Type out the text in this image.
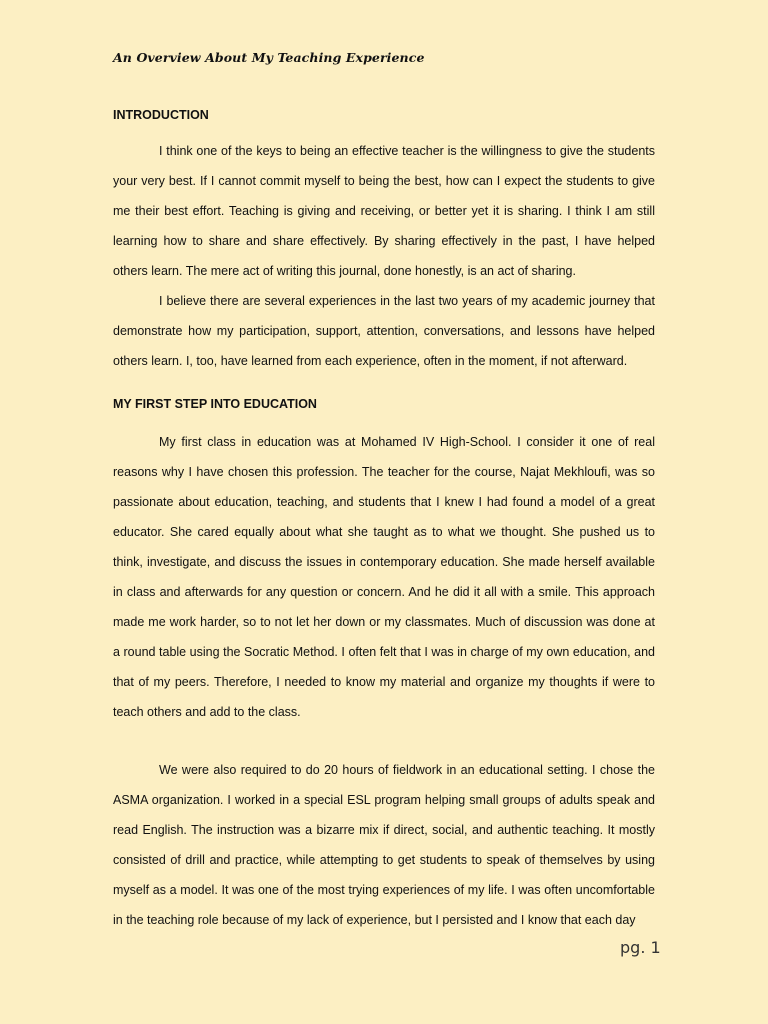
An Overview About My Teaching Experience
INTRODUCTION

I think one of the keys to being an effective teacher is the willingness to give the students your very best. If I cannot commit myself to being the best, how can I expect the students to give me their best effort. Teaching is giving and receiving, or better yet it is sharing. I think I am still learning how to share and share effectively. By sharing effectively in the past, I have helped others learn. The mere act of writing this journal, done honestly, is an act of sharing.

I believe there are several experiences in the last two years of my academic journey that demonstrate how my participation, support, attention, conversations, and lessons have helped others learn. I, too, have learned from each experience, often in the moment, if not afterward.

MY FIRST STEP INTO EDUCATION

My first class in education was at Mohamed IV High-School. I consider it one of real reasons why I have chosen this profession. The teacher for the course, Najat Mekhloufi, was so passionate about education, teaching, and students that I knew I had found a model of a great educator. She cared equally about what she taught as to what we thought. She pushed us to think, investigate, and discuss the issues in contemporary education. She made herself available in class and afterwards for any question or concern. And he did it all with a smile. This approach made me work harder, so to not let her down or my classmates. Much of discussion was done at a round table using the Socratic Method. I often felt that I was in charge of my own education, and that of my peers. Therefore, I needed to know my material and organize my thoughts if were to teach others and add to the class.

We were also required to do 20 hours of fieldwork in an educational setting. I chose the ASMA organization. I worked in a special ESL program helping small groups of adults speak and read English. The instruction was a bizarre mix if direct, social, and authentic teaching. It mostly consisted of drill and practice, while attempting to get students to speak of themselves by using myself as a model. It was one of the most trying experiences of my life. I was often uncomfortable in the teaching role because of my lack of experience, but I persisted and I know that each day

pg. 1
